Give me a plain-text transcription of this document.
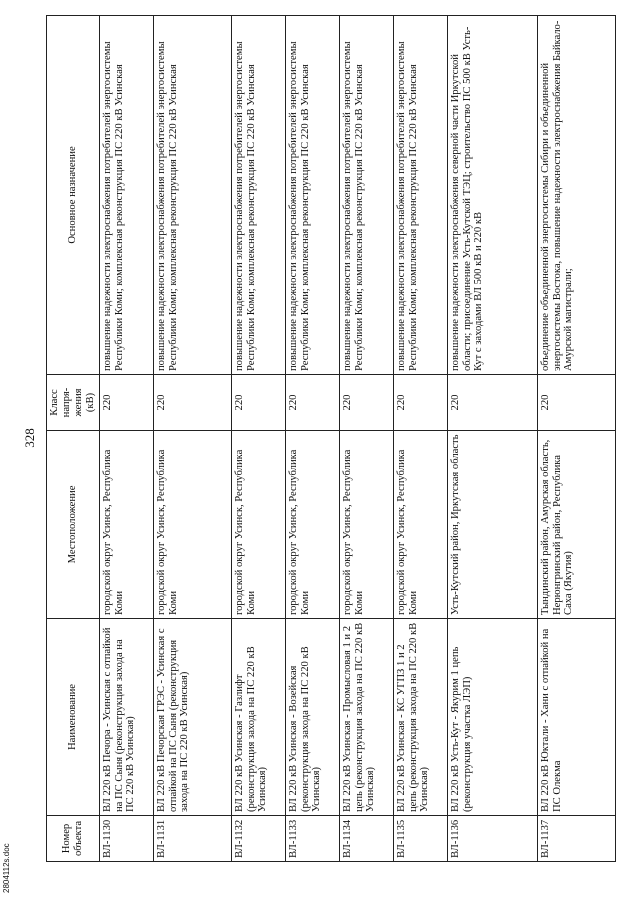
328
Номер объекта	Наименование	Местоположение	Класс напря-жения (кВ)	Основное назначение
ВЛ-1130	ВЛ 220 кВ Печора - Усинская с отпайкой на ПС Сыня (реконструкция захода на ПС 220 кВ Усинская)	городской округ Усинск, Республика Коми	220	повышение надежности электроснабжения потребителей энергосистемы Республики Коми; комплексная реконструкция ПС 220 кВ Усинская
ВЛ-1131	ВЛ 220 кВ Печорская ГРЭС - Усинская с отпайкой на ПС Сыня (реконструкция захода на ПС 220 кВ Усинская)	городской округ Усинск, Республика Коми	220	повышение надежности электроснабжения потребителей энергосистемы Республики Коми; комплексная реконструкция ПС 220 кВ Усинская
ВЛ-1132	ВЛ 220 кВ Усинская - Газлифт (реконструкция захода на ПС 220 кВ Усинская)	городской округ Усинск, Республика Коми	220	повышение надежности электроснабжения потребителей энергосистемы Республики Коми; комплексная реконструкция ПС 220 кВ Усинская
ВЛ-1133	ВЛ 220 кВ Усинская - Возейская (реконструкция захода на ПС 220 кВ Усинская)	городской округ Усинск, Республика Коми	220	повышение надежности электроснабжения потребителей энергосистемы Республики Коми; комплексная реконструкция ПС 220 кВ Усинская
ВЛ-1134	ВЛ 220 кВ Усинская - Промысловая 1 и 2 цепь (реконструкция захода на ПС 220 кВ Усинская)	городской округ Усинск, Республика Коми	220	повышение надежности электроснабжения потребителей энергосистемы Республики Коми; комплексная реконструкция ПС 220 кВ Усинская
ВЛ-1135	ВЛ 220 кВ Усинская - КС УГПЗ 1 и 2 цепь (реконструкция захода на ПС 220 кВ Усинская)	городской округ Усинск, Республика Коми	220	повышение надежности электроснабжения потребителей энергосистемы Республики Коми; комплексная реконструкция ПС 220 кВ Усинская
ВЛ-1136	ВЛ 220 кВ Усть-Кут - Якурим 1 цепь (реконструкция участка ЛЭП)	Усть-Кутский район, Иркутская область	220	повышение надежности электроснабжения северной части Иркутской области; присоединение Усть-Кутской ТЭЦ; строительство ПС 500 кВ Усть-Кут с заходами ВЛ 500 кВ и 220 кВ
ВЛ-1137	ВЛ 220 кВ Юктали - Хани с отпайкой на ПС Олекма	Тындинский район, Амурская область, Нерюнгринский район, Республика Саха (Якутия)	220	объединение объединенной энергосистемы Сибири и объединенной энергосистемы Востока, повышение надежности электроснабжения Байкало-Амурской магистрали;
2804112s.doc
